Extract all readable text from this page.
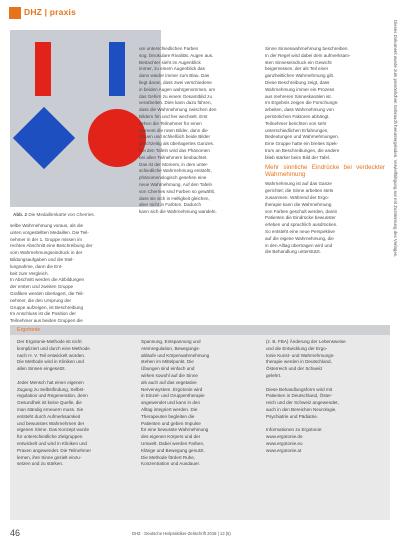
DHZ | praxis
Abb. 2 Die Medaillenkarte von Cherries.

selbe Wahrnehmung voraus, als die

unten vorgestellten Medaillen. Die Teil-

nehmer in der 1. Gruppe missen im

rechten Abschnitt eine Beschreibung der

vom Wahrnehmungseindruck in der

Bildungsaufgaben und die Stel-

lungnahme, dann die Ent-

beit zum Vergleich.

In Abschnitt werden die Abbildungen

der ersten und zweiten Gruppe

Grafiken werden überlagert, die Teil-

nehmer, die den Ursprung der

Gruppe aufzeigen, ist Beschreibung

Im Anschluss ist die Position der

Teilnehmer aus beiden Gruppen die

um unterschiedlichen Farben

sog. binokulare Rivalität. Augen aus.

Betrachter sieht im Augenblick

immer, zu einem Augenblick das

dann wieder immer zum Blau. Das

liegt daran, dass zwei verschiedene

in beiden Augen wahrgenommen, um

das Gehirn zu einem Gesamtbild zu

verarbeiten. Dies kann dazu führen,

dass die Wahrnehmung zwischen den

Bildern hin und her wechselt. Erst

sehen die Teilnehmer für einen

Moment die roten Bilder, dann die

blauen und schließlich beide Bilder

gleichzeitig als überlagertes Ganzes.

Bei den Tafeln wird das Phänomen

bei allen Teilnehmern beobachtet.

Das ist der Moment, in dem unter-

schiedliche Wahrnehmung entsteht,

phänomenologisch gesehen eine

neue Wahrnehmung. Auf den Tafeln

von Cherries sind Farben so gewählt,

dass sie sich in Helligkeit gleichen,

aber nicht in Farbton. Dadurch

kann sich die Wahrnehmung wandeln.

Sinne Sinneswahrnehmung beschreiben.

In der Regel wird dabei dem aufmerksam-

sten Sinneseindruck ein Gewicht

beigemessen, der als Teil einer

ganzheitlichen Wahrnehmung gilt.

Diese Beschreibung zeigt, dass

Wahrnehmung immer ein Prozess

aus mehreren Sinneskanälen ist.

Im Ergebnis zeigen die Forschungs-

arbeiten, dass Wahrnehmung von

persönlichen Faktoren abhängt.

Teilnehmer berichten von sehr

unterschiedlichen Erfahrungen,

Bedeutungen und Wahrnehmungen.

Eine Gruppe hatte ein breites Spek-

trum an Beschreibungen, die andere

blieb stärker beim Bild der Tafel.

Mehr sinnliche Eindrücke bei verdeckter Wahrnehmung

Wahrnehmung ist auf das Ganze

gerichtet; die Sinne arbeiten stets

zusammen. Während der Ergo-

therapie kann die Wahrnehmung

von Farben geschult werden, damit

Patienten die Eindrücke bewusster

erleben und sprachlich ausdrücken.

So entsteht eine neue Perspektive

auf die eigene Wahrnehmung, die

in den Alltag übertragen wird und

die Behandlung unterstützt.	Dieses Dokument wurde zum persönlichen Gebrauch heruntergeladen. Vervielfältigung nur mit Zustimmung des Verlages.
Ergotonie

Der Ergotonie-Methode ist nicht

kompliziert und durch eine Methode

nach H. V. Teil entwickelt worden.

Die Methode wird in Kliniken und

allen Sinnen eingesetzt.

Jeder Mensch hat einen eigenen

Zugang zu Selbstfindung, Selbst-

regulation und Regeneration, denn

Gesundheit ist keine Quelle, die

man ständig erneuern muss. Sie

entsteht durch Aufmerksamkeit

und bewusstes Wahrnehmen der

eigenen Sinne. Das Konzept wurde

für unterschiedliche Zielgruppen

entwickelt und wird in Kliniken und

Praxen angewendet. Die Teilnehmer

lernen, ihre Sinne gezielt einzu-

setzen und zu stärken.

Spannung, Entspannung und

Atemregulation, Bewegungs-

abläufe und Körperwahrnehmung

stehen im Mittelpunkt. Die

Übungen sind einfach und

wirken sowohl auf die Sinne

als auch auf das vegetative

Nervensystem. Ergotonie wird

in Einzel- und Gruppentherapie

angewendet und kann in den

Alltag integriert werden. Die

Therapeuten begleiten die

Patienten und geben Impulse

für eine bewusste Wahrnehmung

des eigenen Körpers und der

Umwelt. Dabei werden Farben,

Klänge und Bewegung genutzt.

Die Methode fördert Ruhe,

Konzentration und Ausdauer.

(z. B. FBA) Änderung der Lebensweise

und die Entwicklung der Ergo-

tonie Kunst- und Wahrnehmungs-

therapie werden in Deutschland,

Österreich und der Schweiz

gelehrt.

Diese Behandlungsform wird mit

Patienten in Deutschland, Öster-

reich und der Schweiz angewendet,

auch in den Bereichen Neurologie,

Psychiatrie und Pädiatrie.

Informationen zu Ergotonie:

www.ergotonie.de

www.ergotonie.eu

www.ergotonie.at

46	DHZ · Deutsche Heilpraktiker-Zeitschrift 2018 | 13 (5)
